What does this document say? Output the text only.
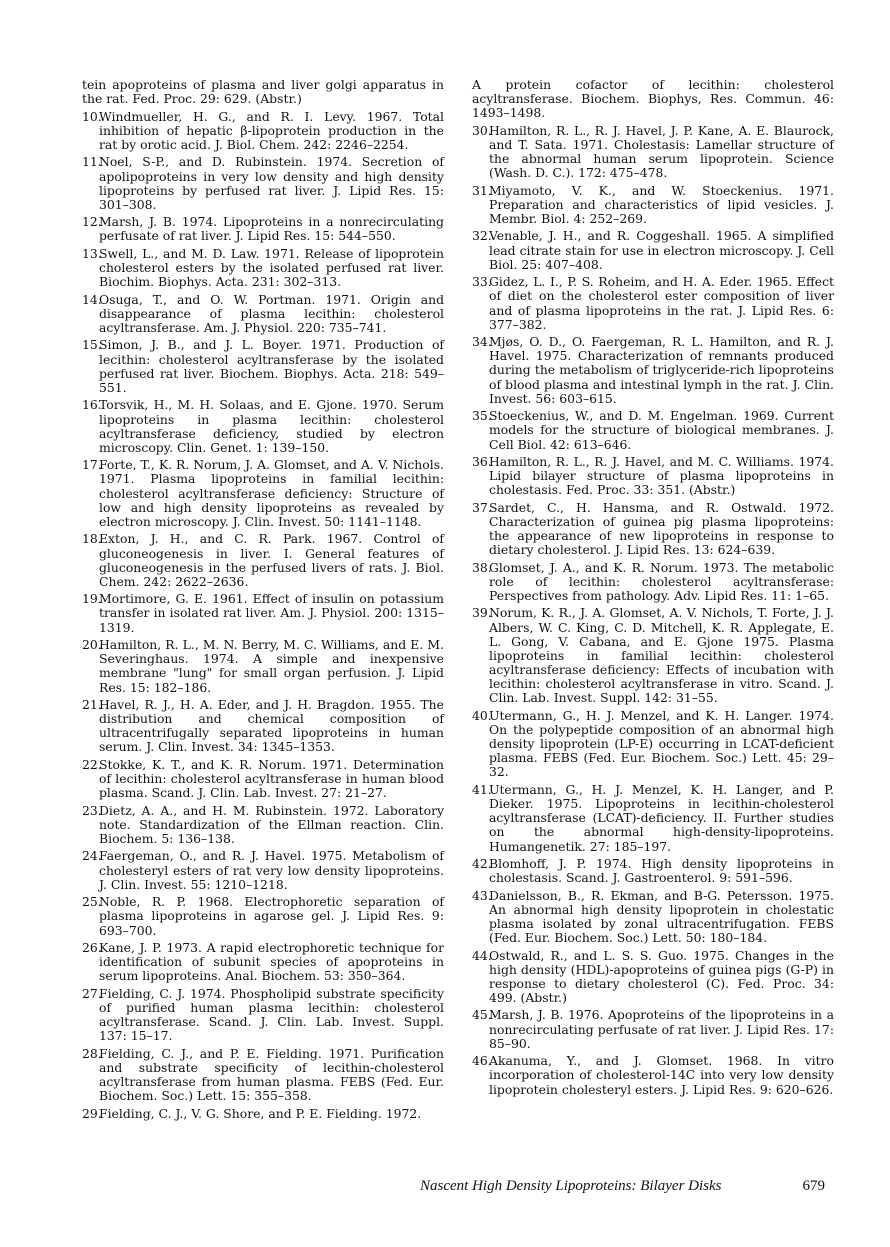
tein apoproteins of plasma and liver golgi apparatus in the rat. Fed. Proc. 29: 629. (Abstr.)
10.Windmueller, H. G., and R. I. Levy. 1967. Total inhibition of hepatic β-lipoprotein production in the rat by orotic acid. J. Biol. Chem. 242: 2246–2254.
11.Noel, S-P., and D. Rubinstein. 1974. Secretion of apolipoproteins in very low density and high density lipoproteins by perfused rat liver. J. Lipid Res. 15: 301–308.
12.Marsh, J. B. 1974. Lipoproteins in a nonrecirculating perfusate of rat liver. J. Lipid Res. 15: 544–550.
13.Swell, L., and M. D. Law. 1971. Release of lipoprotein cholesterol esters by the isolated perfused rat liver. Biochim. Biophys. Acta. 231: 302–313.
14.Osuga, T., and O. W. Portman. 1971. Origin and disappearance of plasma lecithin: cholesterol acyltransferase. Am. J. Physiol. 220: 735–741.
15.Simon, J. B., and J. L. Boyer. 1971. Production of lecithin: cholesterol acyltransferase by the isolated perfused rat liver. Biochem. Biophys. Acta. 218: 549–551.
16.Torsvik, H., M. H. Solaas, and E. Gjone. 1970. Serum lipoproteins in plasma lecithin: cholesterol acyltransferase deficiency, studied by electron microscopy. Clin. Genet. 1: 139–150.
17.Forte, T., K. R. Norum, J. A. Glomset, and A. V. Nichols. 1971. Plasma lipoproteins in familial lecithin: cholesterol acyltransferase deficiency: Structure of low and high density lipoproteins as revealed by electron microscopy. J. Clin. Invest. 50: 1141–1148.
18.Exton, J. H., and C. R. Park. 1967. Control of gluconeogenesis in liver. I. General features of gluconeogenesis in the perfused livers of rats. J. Biol. Chem. 242: 2622–2636.
19.Mortimore, G. E. 1961. Effect of insulin on potassium transfer in isolated rat liver. Am. J. Physiol. 200: 1315–1319.
20.Hamilton, R. L., M. N. Berry, M. C. Williams, and E. M. Severinghaus. 1974. A simple and inexpensive membrane "lung" for small organ perfusion. J. Lipid Res. 15: 182–186.
21.Havel, R. J., H. A. Eder, and J. H. Bragdon. 1955. The distribution and chemical composition of ultracentrifugally separated lipoproteins in human serum. J. Clin. Invest. 34: 1345–1353.
22.Stokke, K. T., and K. R. Norum. 1971. Determination of lecithin: cholesterol acyltransferase in human blood plasma. Scand. J. Clin. Lab. Invest. 27: 21–27.
23.Dietz, A. A., and H. M. Rubinstein. 1972. Laboratory note. Standardization of the Ellman reaction. Clin. Biochem. 5: 136–138.
24.Faergeman, O., and R. J. Havel. 1975. Metabolism of cholesteryl esters of rat very low density lipoproteins. J. Clin. Invest. 55: 1210–1218.
25.Noble, R. P. 1968. Electrophoretic separation of plasma lipoproteins in agarose gel. J. Lipid Res. 9: 693–700.
26.Kane, J. P. 1973. A rapid electrophoretic technique for identification of subunit species of apoproteins in serum lipoproteins. Anal. Biochem. 53: 350–364.
27.Fielding, C. J. 1974. Phospholipid substrate specificity of purified human plasma lecithin: cholesterol acyltransferase. Scand. J. Clin. Lab. Invest. Suppl. 137: 15–17.
28.Fielding, C. J., and P. E. Fielding. 1971. Purification and substrate specificity of lecithin-cholesterol acyltransferase from human plasma. FEBS (Fed. Eur. Biochem. Soc.) Lett. 15: 355–358.
29.Fielding, C. J., V. G. Shore, and P. E. Fielding. 1972.
A protein cofactor of lecithin: cholesterol acyltransferase. Biochem. Biophys, Res. Commun. 46: 1493–1498.
30.Hamilton, R. L., R. J. Havel, J. P. Kane, A. E. Blaurock, and T. Sata. 1971. Cholestasis: Lamellar structure of the abnormal human serum lipoprotein. Science (Wash. D. C.). 172: 475–478.
31.Miyamoto, V. K., and W. Stoeckenius. 1971. Preparation and characteristics of lipid vesicles. J. Membr. Biol. 4: 252–269.
32.Venable, J. H., and R. Coggeshall. 1965. A simplified lead citrate stain for use in electron microscopy. J. Cell Biol. 25: 407–408.
33.Gidez, L. I., P. S. Roheim, and H. A. Eder. 1965. Effect of diet on the cholesterol ester composition of liver and of plasma lipoproteins in the rat. J. Lipid Res. 6: 377–382.
34.Mjøs, O. D., O. Faergeman, R. L. Hamilton, and R. J. Havel. 1975. Characterization of remnants produced during the metabolism of triglyceride-rich lipoproteins of blood plasma and intestinal lymph in the rat. J. Clin. Invest. 56: 603–615.
35.Stoeckenius, W., and D. M. Engelman. 1969. Current models for the structure of biological membranes. J. Cell Biol. 42: 613–646.
36.Hamilton, R. L., R. J. Havel, and M. C. Williams. 1974. Lipid bilayer structure of plasma lipoproteins in cholestasis. Fed. Proc. 33: 351. (Abstr.)
37.Sardet, C., H. Hansma, and R. Ostwald. 1972. Characterization of guinea pig plasma lipoproteins: the appearance of new lipoproteins in response to dietary cholesterol. J. Lipid Res. 13: 624–639.
38.Glomset, J. A., and K. R. Norum. 1973. The metabolic role of lecithin: cholesterol acyltransferase: Perspectives from pathology. Adv. Lipid Res. 11: 1–65.
39.Norum, K. R., J. A. Glomset, A. V. Nichols, T. Forte, J. J. Albers, W. C. King, C. D. Mitchell, K. R. Applegate, E. L. Gong, V. Cabana, and E. Gjone 1975. Plasma lipoproteins in familial lecithin: cholesterol acyltransferase deficiency: Effects of incubation with lecithin: cholesterol acyltransferase in vitro. Scand. J. Clin. Lab. Invest. Suppl. 142: 31–55.
40.Utermann, G., H. J. Menzel, and K. H. Langer. 1974. On the polypeptide composition of an abnormal high density lipoprotein (LP-E) occurring in LCAT-deficient plasma. FEBS (Fed. Eur. Biochem. Soc.) Lett. 45: 29–32.
41.Utermann, G., H. J. Menzel, K. H. Langer, and P. Dieker. 1975. Lipoproteins in lecithin-cholesterol acyltransferase (LCAT)-deficiency. II. Further studies on the abnormal high-density-lipoproteins. Humangenetik. 27: 185–197.
42.Blomhoff, J. P. 1974. High density lipoproteins in cholestasis. Scand. J. Gastroenterol. 9: 591–596.
43.Danielsson, B., R. Ekman, and B-G. Petersson. 1975. An abnormal high density lipoprotein in cholestatic plasma isolated by zonal ultracentrifugation. FEBS (Fed. Eur. Biochem. Soc.) Lett. 50: 180–184.
44.Ostwald, R., and L. S. S. Guo. 1975. Changes in the high density (HDL)-apoproteins of guinea pigs (G-P) in response to dietary cholesterol (C). Fed. Proc. 34: 499. (Abstr.)
45.Marsh, J. B. 1976. Apoproteins of the lipoproteins in a nonrecirculating perfusate of rat liver. J. Lipid Res. 17: 85–90.
46.Akanuma, Y., and J. Glomset. 1968. In vitro incorporation of cholesterol-14C into very low density lipoprotein cholesteryl esters. J. Lipid Res. 9: 620–626.
Nascent High Density Lipoproteins: Bilayer Disks	679
